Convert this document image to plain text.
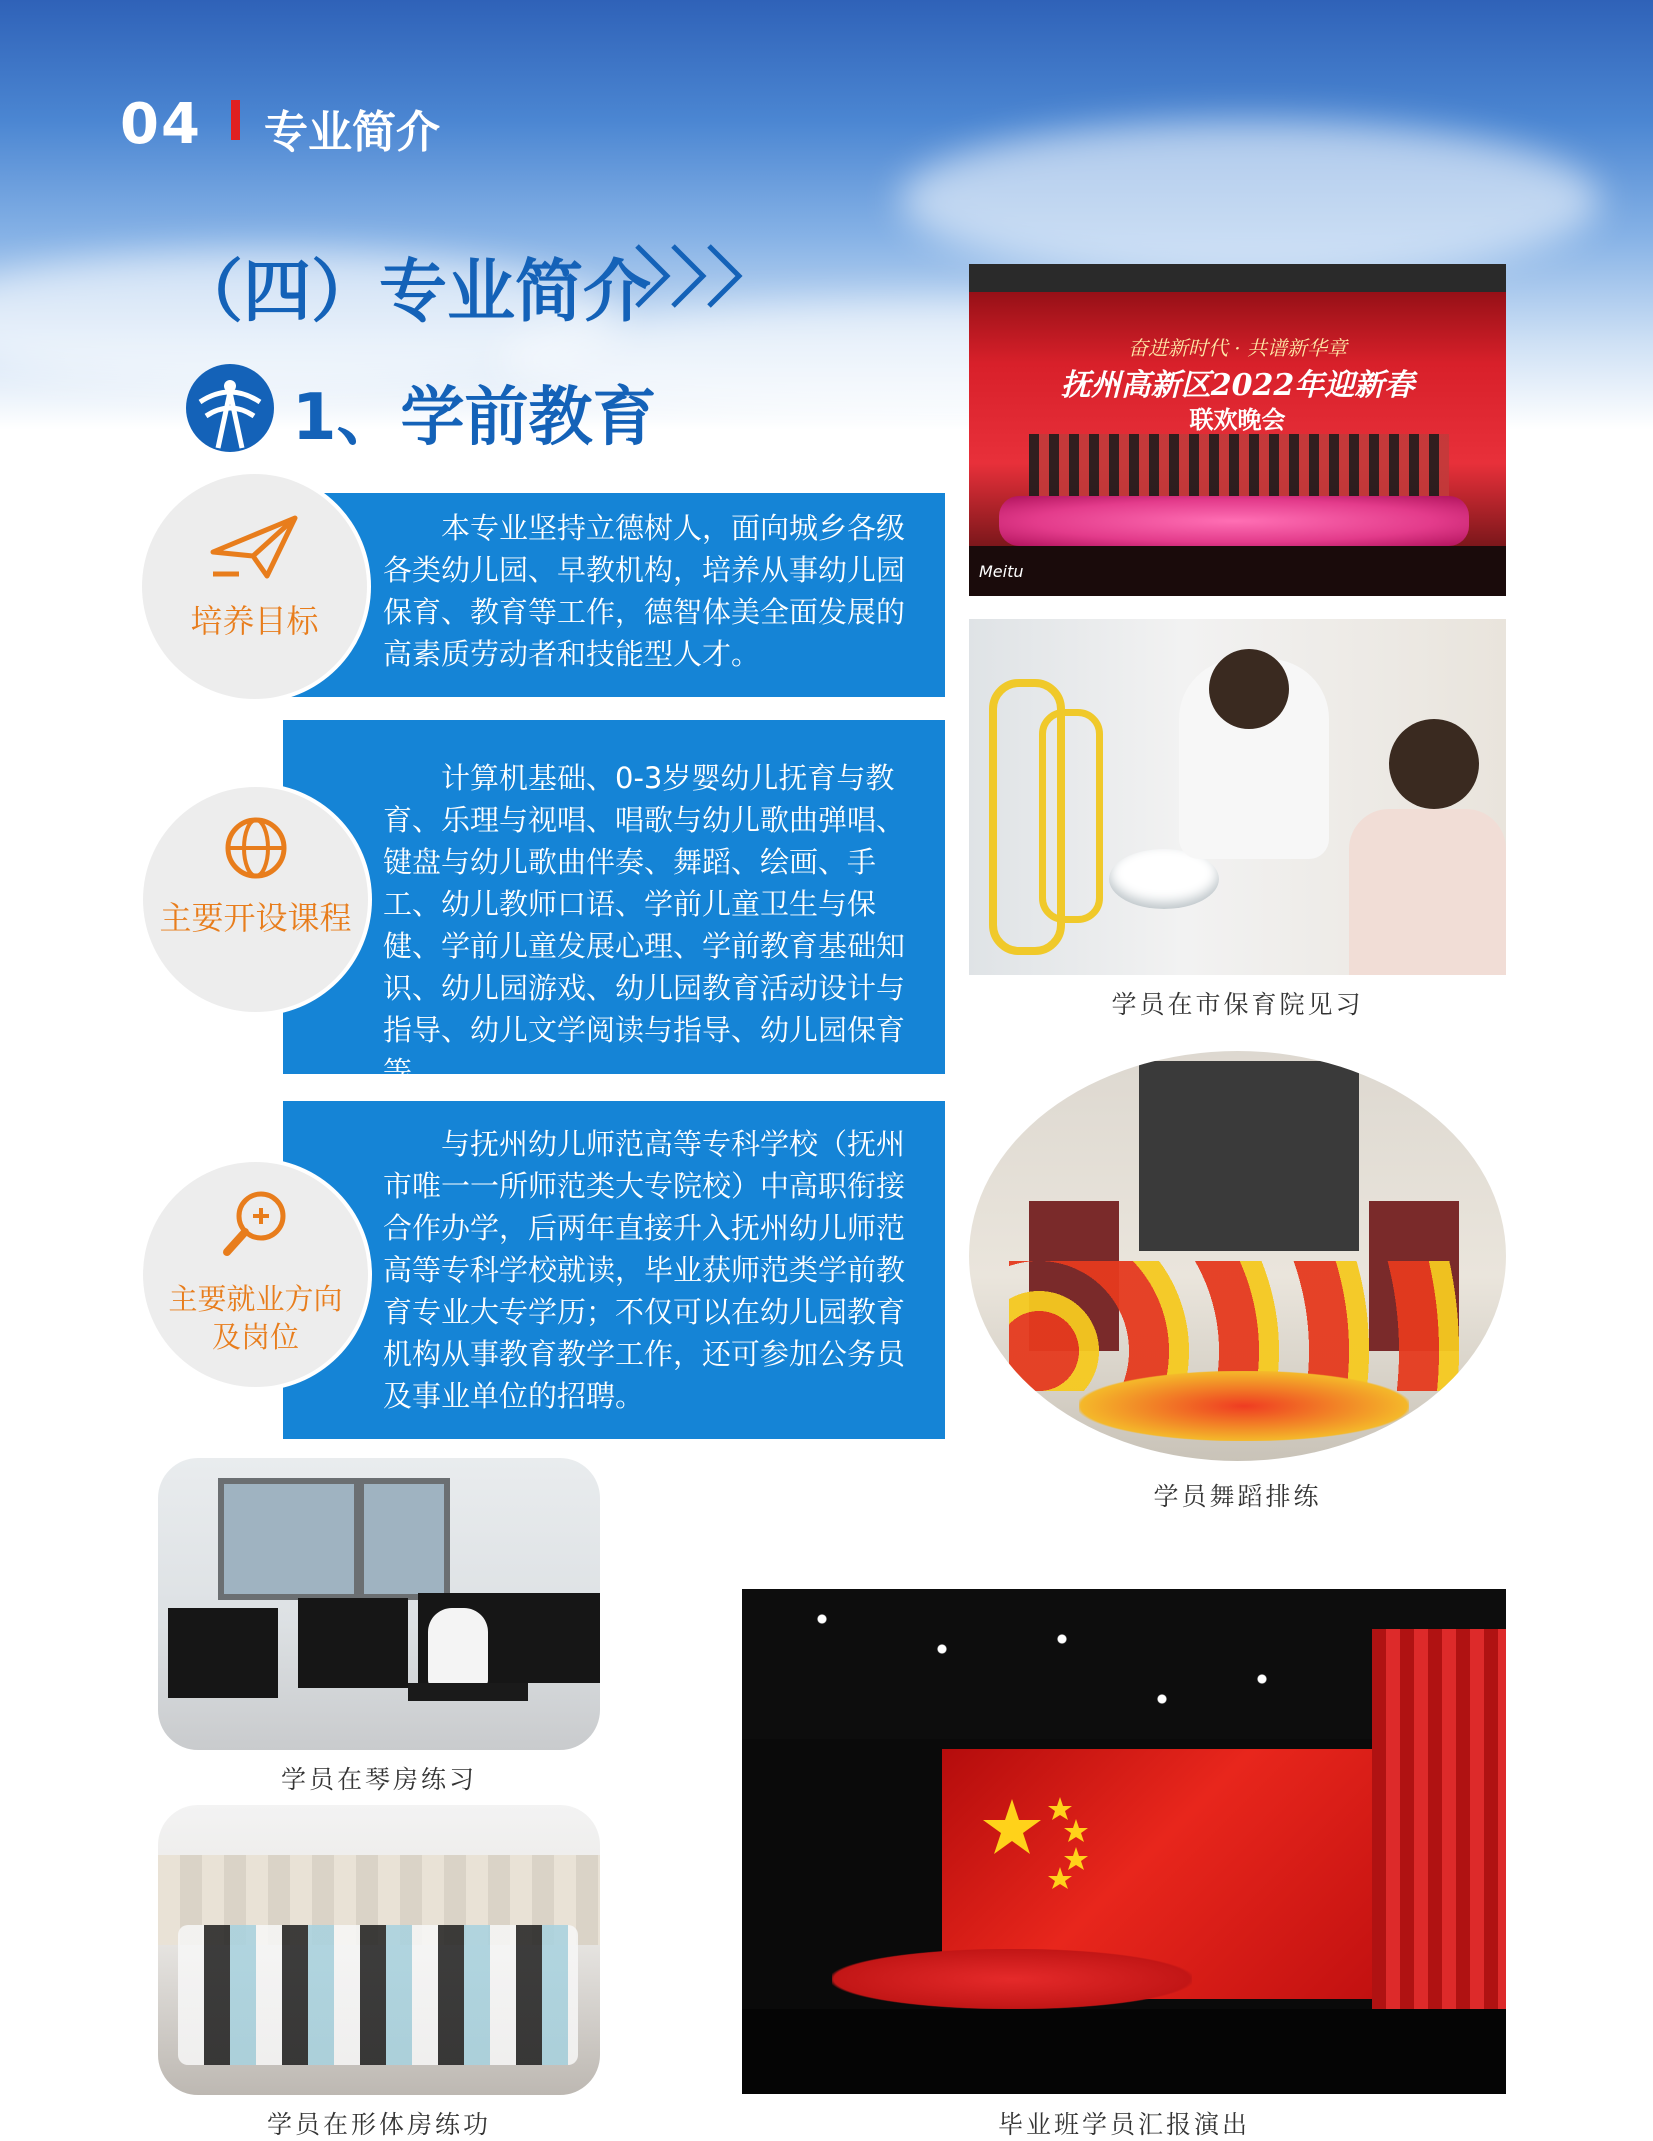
04 专业简介
（四）专业简介
1、学前教育
本专业坚持立德树人，面向城乡各级各类幼儿园、早教机构，培养从事幼儿园保育、教育等工作，德智体美全面发展的高素质劳动者和技能型人才。
培养目标
计算机基础、0-3岁婴幼儿抚育与教育、乐理与视唱、唱歌与幼儿歌曲弹唱、键盘与幼儿歌曲伴奏、舞蹈、绘画、手工、幼儿教师口语、学前儿童卫生与保健、学前儿童发展心理、学前教育基础知识、幼儿园游戏、幼儿园教育活动设计与指导、幼儿文学阅读与指导、幼儿园保育等。
主要开设课程
与抚州幼儿师范高等专科学校（抚州市唯一一所师范类大专院校）中高职衔接合作办学，后两年直接升入抚州幼儿师范高等专科学校就读，毕业获师范类学前教育专业大专学历；不仅可以在幼儿园教育机构从事教育教学工作，还可参加公务员及事业单位的招聘。
主要就业方向
及岗位
奋进新时代 · 共谱新华章
抚州高新区2022年迎新春
联欢晚会
Meitu
学员在市保育院见习
学员舞蹈排练
学员在琴房练习
学员在形体房练功	毕业班学员汇报演出
